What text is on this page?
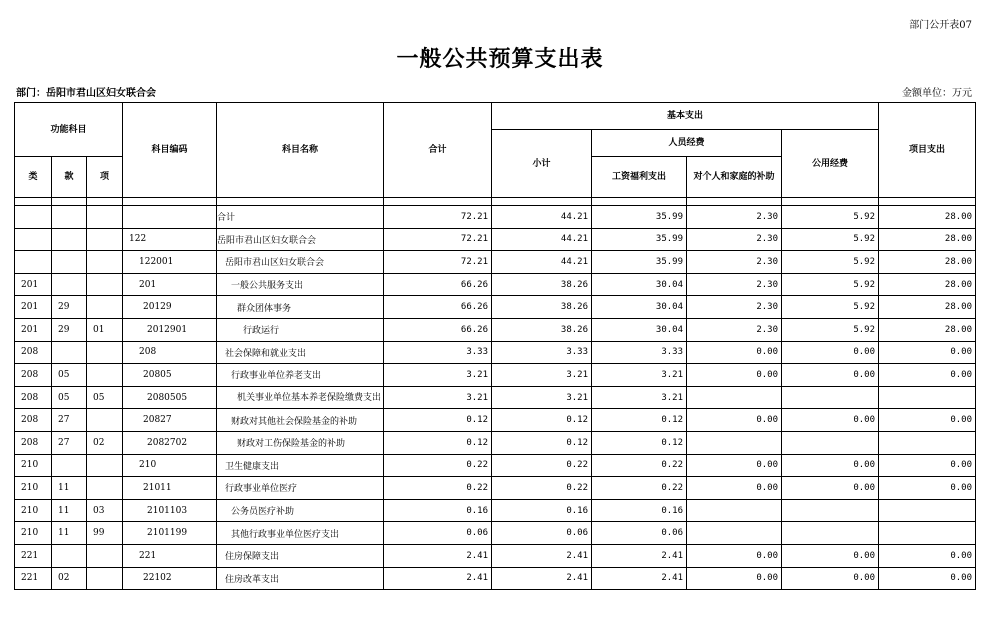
部门公开表07
一般公共预算支出表
部门：岳阳市君山区妇女联合会	金额单位：万元
功能科目			科目编码	科目名称	合计	基本支出				项目支出
						小计	人员经费		公用经费	
类	款	项					工资福利支出	对个人和家庭的补助		

				合计	72.21	44.21	35.99	2.30	5.92	28.00
			122	岳阳市君山区妇女联合会	72.21	44.21	35.99	2.30	5.92	28.00
			122001	岳阳市君山区妇女联合会	72.21	44.21	35.99	2.30	5.92	28.00
201			201	一般公共服务支出	66.26	38.26	30.04	2.30	5.92	28.00
201	29		20129	群众团体事务	66.26	38.26	30.04	2.30	5.92	28.00
201	29	01	2012901	行政运行	66.26	38.26	30.04	2.30	5.92	28.00
208			208	社会保障和就业支出	3.33	3.33	3.33	0.00	0.00	0.00
208	05		20805	行政事业单位养老支出	3.21	3.21	3.21	0.00	0.00	0.00
208	05	05	2080505	机关事业单位基本养老保险缴费支出	3.21	3.21	3.21			
208	27		20827	财政对其他社会保险基金的补助	0.12	0.12	0.12	0.00	0.00	0.00
208	27	02	2082702	财政对工伤保险基金的补助	0.12	0.12	0.12			
210			210	卫生健康支出	0.22	0.22	0.22	0.00	0.00	0.00
210	11		21011	行政事业单位医疗	0.22	0.22	0.22	0.00	0.00	0.00
210	11	03	2101103	公务员医疗补助	0.16	0.16	0.16			
210	11	99	2101199	其他行政事业单位医疗支出	0.06	0.06	0.06			
221			221	住房保障支出	2.41	2.41	2.41	0.00	0.00	0.00
221	02		22102	住房改革支出	2.41	2.41	2.41	0.00	0.00	0.00
